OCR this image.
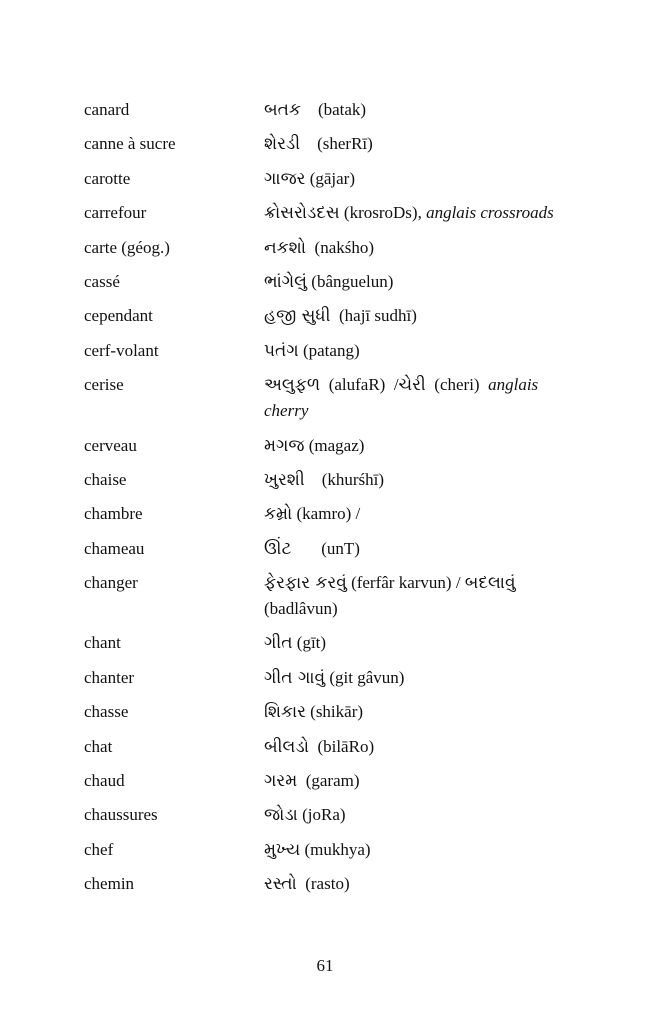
canard	બતક    (batak)
canne à sucre	શેરડી    (sherRī)
carotte	ગાજર (gājar)
carrefour	ક્રોસરોડદસ (krosroDs), anglais crossroads
carte (géog.)	નકશો  (nakśho)
cassé	ભાંગેલું (bânguelun)
cependant	હજી સુધી  (hajī sudhī)
cerf-volant	પતંગ (patang)
cerise	અલુફળ  (alufaR)  /ચેરી  (cheri)  anglais cherry
cerveau	મગજ (magaz)
chaise	ખુરશી    (khurśhī)
chambre	કમ્રો (kamro) /
chameau	ઊંટ       (unT)
changer	ફેરફાર કરવું (ferfâr karvun) / બદલાવું (badlâvun)
chant	ગીત (gīt)
chanter	ગીત ગાવું (git gâvun)
chasse	શિકાર (shikār)
chat	બીલડો  (bilāRo)
chaud	ગરમ  (garam)
chaussures	જોડા (joRa)
chef	મુખ્ય (mukhya)
chemin	રસ્તો  (rasto)
61
